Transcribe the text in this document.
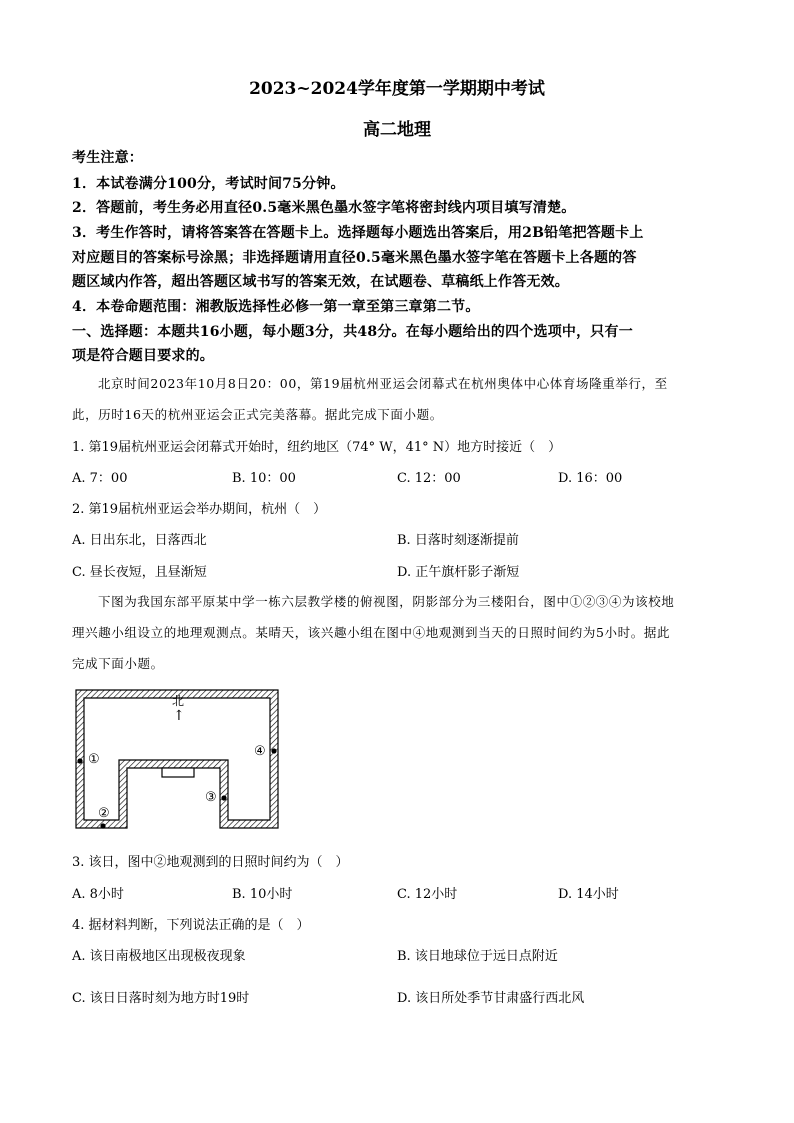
2023~2024学年度第一学期期中考试
高二地理
考生注意：
1．本试卷满分100分，考试时间75分钟。
2．答题前，考生务必用直径0.5毫米黑色墨水签字笔将密封线内项目填写清楚。
3．考生作答时，请将答案答在答题卡上。选择题每小题选出答案后，用2B铅笔把答题卡上
对应题目的答案标号涂黑；非选择题请用直径0.5毫米黑色墨水签字笔在答题卡上各题的答
题区域内作答，超出答题区域书写的答案无效，在试题卷、草稿纸上作答无效。
4．本卷命题范围：湘教版选择性必修一第一章至第三章第二节。
一、选择题：本题共16小题，每小题3分，共48分。在每小题给出的四个选项中，只有一
项是符合题目要求的。
北京时间2023年10月8日20：00，第19届杭州亚运会闭幕式在杭州奥体中心体育场隆重举行，至
此，历时16天的杭州亚运会正式完美落幕。据此完成下面小题。
1. 第19届杭州亚运会闭幕式开始时，纽约地区（74° W，41° N）地方时接近（　）
A. 7：00	B. 10：00	C. 12：00	D. 16：00
2. 第19届杭州亚运会举办期间，杭州（　）
A. 日出东北，日落西北	B. 日落时刻逐渐提前
C. 昼长夜短，且昼渐短	D. 正午旗杆影子渐短
下图为我国东部平原某中学一栋六层教学楼的俯视图，阴影部分为三楼阳台，图中①②③④为该校地
理兴趣小组设立的地理观测点。某晴天，该兴趣小组在图中④地观测到当天的日照时间约为5小时。据此
完成下面小题。
北
↑
①
②
③
④
3. 该日，图中②地观测到的日照时间约为（　）
A. 8小时	B. 10小时	C. 12小时	D. 14小时
4. 据材料判断，下列说法正确的是（　）
A. 该日南极地区出现极夜现象	B. 该日地球位于远日点附近
C. 该日日落时刻为地方时19时	D. 该日所处季节甘肃盛行西北风
